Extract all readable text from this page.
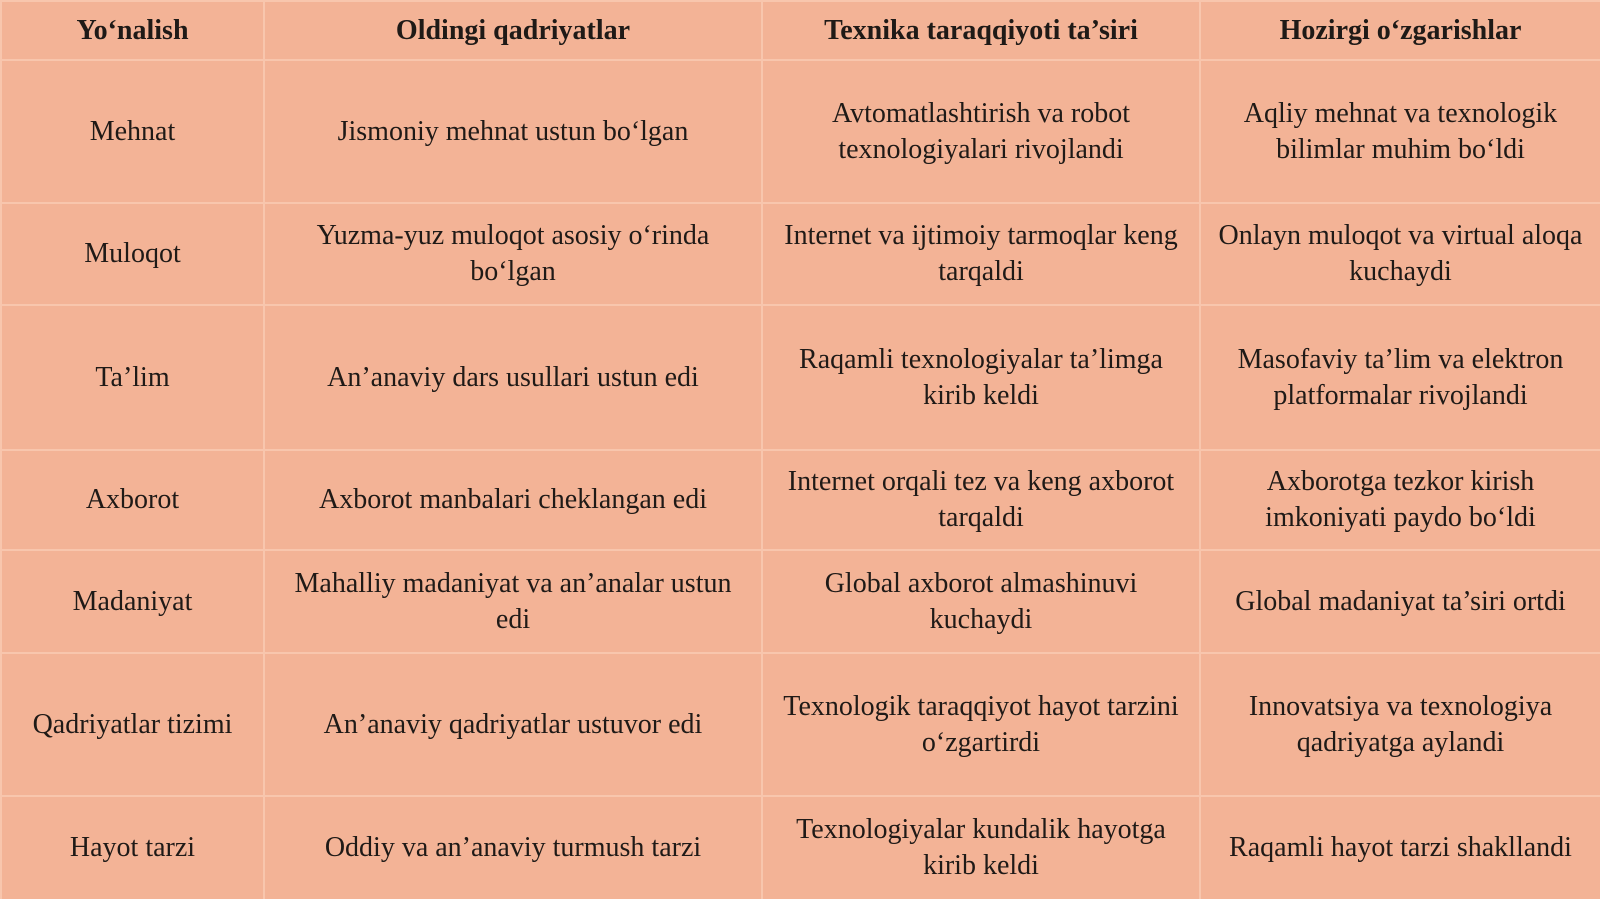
Yo‘nalish	Oldingi qadriyatlar	Texnika taraqqiyoti ta’siri	Hozirgi o‘zgarishlar
Mehnat	Jismoniy mehnat ustun bo‘lgan	Avtomatlashtirish va robot texnologiyalari rivojlandi	Aqliy mehnat va texnologik bilimlar muhim bo‘ldi
Muloqot	Yuzma-yuz muloqot asosiy o‘rinda bo‘lgan	Internet va ijtimoiy tarmoqlar keng tarqaldi	Onlayn muloqot va virtual aloqa kuchaydi
Ta’lim	An’anaviy dars usullari ustun edi	Raqamli texnologiyalar ta’limga kirib keldi	Masofaviy ta’lim va elektron platformalar rivojlandi
Axborot	Axborot manbalari cheklangan edi	Internet orqali tez va keng axborot tarqaldi	Axborotga tezkor kirish imkoniyati paydo bo‘ldi
Madaniyat	Mahalliy madaniyat va an’analar ustun edi	Global axborot almashinuvi kuchaydi	Global madaniyat ta’siri ortdi
Qadriyatlar tizimi	An’anaviy qadriyatlar ustuvor edi	Texnologik taraqqiyot hayot tarzini o‘zgartirdi	Innovatsiya va texnologiya qadriyatga aylandi
Hayot tarzi	Oddiy va an’anaviy turmush tarzi	Texnologiyalar kundalik hayotga kirib keldi	Raqamli hayot tarzi shakllandi
